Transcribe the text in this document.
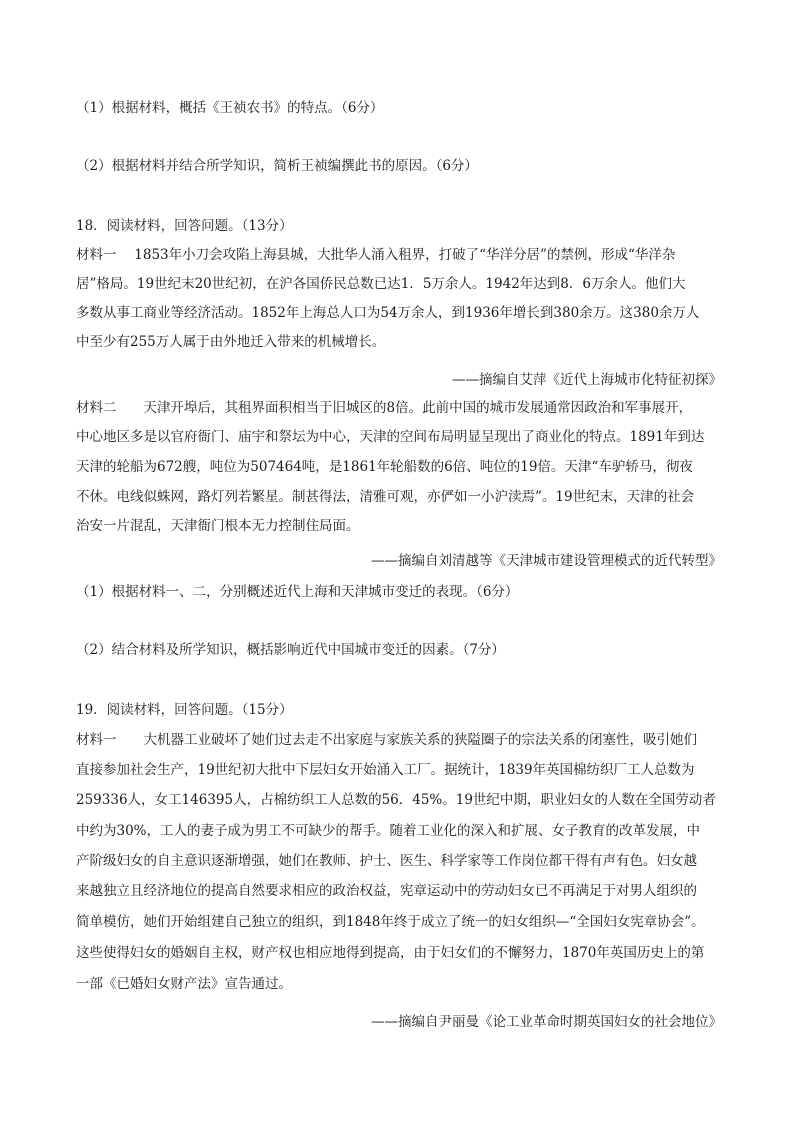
（1）根据材料，概括《王祯农书》的特点。（6分）
（2）根据材料并结合所学知识，简析王祯编撰此书的原因。（6分）
18．阅读材料，回答问题。（13分）
材料一　 1853年小刀会攻陷上海县城，大批华人涌入租界，打破了“华洋分居”的禁例，形成“华洋杂
居”格局。19世纪末20世纪初，在沪各国侨民总数已达1．5万余人。1942年达到8．6万余人。他们大
多数从事工商业等经济活动。1852年上海总人口为54万余人，到1936年增长到380余万。这380余万人
中至少有255万人属于由外地迁入带来的机械增长。
——摘编自艾萍《近代上海城市化特征初探》
材料二　　天津开埠后，其租界面积相当于旧城区的8倍。此前中国的城市发展通常因政治和军事展开，
中心地区多是以官府衙门、庙宇和祭坛为中心，天津的空间布局明显呈现出了商业化的特点。1891年到达
天津的轮船为672艘，吨位为507464吨，是1861年轮船数的6倍、吨位的19倍。天津“车驴轿马，彻夜
不休。电线似蛛网，路灯列若繁星。制甚得法，清雅可观，亦俨如一小沪渎焉”。19世纪末，天津的社会
治安一片混乱，天津衙门根本无力控制住局面。
——摘编自刘清越等《天津城市建设管理模式的近代转型》
（1）根据材料一、二，分别概述近代上海和天津城市变迁的表现。（6分）
（2）结合材料及所学知识，概括影响近代中国城市变迁的因素。（7分）
19．阅读材料，回答问题。（15分）
材料一　　大机器工业破坏了她们过去走不出家庭与家族关系的狭隘圈子的宗法关系的闭塞性，吸引她们
直接参加社会生产，19世纪初大批中下层妇女开始涌入工厂。据统计，1839年英国棉纺织厂工人总数为
259336人，女工146395人，占棉纺织工人总数的56．45%。19世纪中期，职业妇女的人数在全国劳动者
中约为30%，工人的妻子成为男工不可缺少的帮手。随着工业化的深入和扩展、女子教育的改革发展，中
产阶级妇女的自主意识逐渐增强，她们在教师、护士、医生、科学家等工作岗位都干得有声有色。妇女越
来越独立且经济地位的提高自然要求相应的政治权益，宪章运动中的劳动妇女已不再满足于对男人组织的
简单模仿，她们开始组建自己独立的组织，到1848年终于成立了统一的妇女组织—“全国妇女宪章协会”。
这些使得妇女的婚姻自主权，财产权也相应地得到提高，由于妇女们的不懈努力，1870年英国历史上的第
一部《已婚妇女财产法》宣告通过。
——摘编自尹丽曼《论工业革命时期英国妇女的社会地位》
